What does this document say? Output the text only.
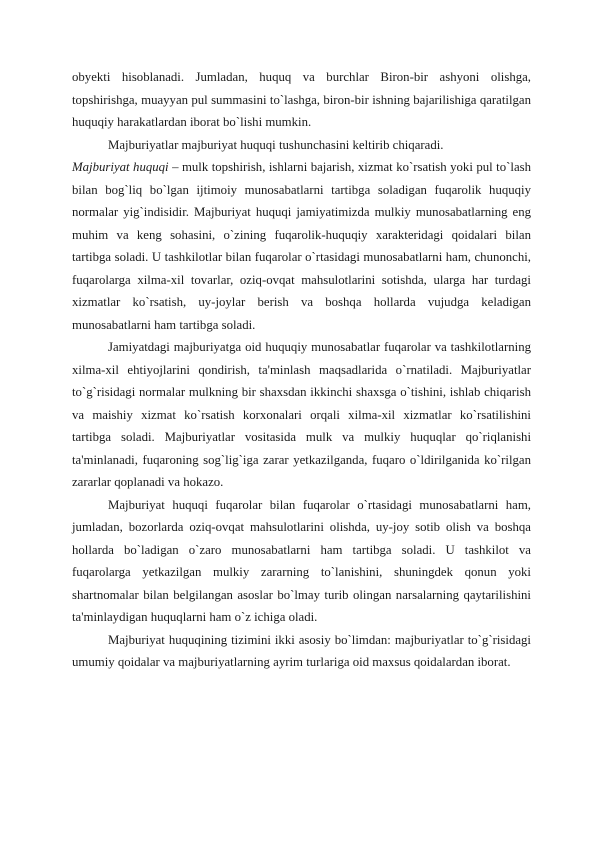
obyekti hisoblanadi. Jumladan, huquq va burchlar Biron-bir ashyoni olishga, topshirishga, muayyan pul summasini to`lashga, biron-bir ishning bajarilishiga qaratilgan huquqiy harakatlardan iborat bo`lishi mumkin.

Majburiyatlar majburiyat huquqi tushunchasini keltirib chiqaradi.

Majburiyat huquqi – mulk topshirish, ishlarni bajarish, xizmat ko`rsatish yoki pul to`lash bilan bog`liq bo`lgan ijtimoiy munosabatlarni tartibga soladigan fuqarolik huquqiy normalar yig`indisidir. Majburiyat huquqi jamiyatimizda mulkiy munosabatlarning eng muhim va keng sohasini, o`zining fuqarolik-huquqiy xarakteridagi qoidalari bilan tartibga soladi. U tashkilotlar bilan fuqarolar o`rtasidagi munosabatlarni ham, chunonchi, fuqarolarga xilma-xil tovarlar, oziq-ovqat mahsulotlarini sotishda, ularga har turdagi xizmatlar ko`rsatish, uy-joylar berish va boshqa hollarda vujudga keladigan munosabatlarni ham tartibga soladi.

Jamiyatdagi majburiyatga oid huquqiy munosabatlar fuqarolar va tashkilotlarning xilma-xil ehtiyojlarini qondirish, ta'minlash maqsadlarida o`rnatiladi. Majburiyatlar to`g`risidagi normalar mulkning bir shaxsdan ikkinchi shaxsga o`tishini, ishlab chiqarish va maishiy xizmat ko`rsatish korxonalari orqali xilma-xil xizmatlar ko`rsatilishini tartibga soladi. Majburiyatlar vositasida mulk va mulkiy huquqlar qo`riqlanishi ta'minlanadi, fuqaroning sog`lig`iga zarar yetkazilganda, fuqaro o`ldirilganida ko`rilgan zararlar qoplanadi va hokazo.

Majburiyat huquqi fuqarolar bilan fuqarolar o`rtasidagi munosabatlarni ham, jumladan, bozorlarda oziq-ovqat mahsulotlarini olishda, uy-joy sotib olish va boshqa hollarda bo`ladigan o`zaro munosabatlarni ham tartibga soladi. U tashkilot va fuqarolarga yetkazilgan mulkiy zararning to`lanishini, shuningdek qonun yoki shartnomalar bilan belgilangan asoslar bo`lmay turib olingan narsalarning qaytarilishini ta'minlaydigan huquqlarni ham o`z ichiga oladi.

Majburiyat huquqining tizimini ikki asosiy bo`limdan: majburiyatlar to`g`risidagi umumiy qoidalar va majburiyatlarning ayrim turlariga oid maxsus qoidalardan iborat.
